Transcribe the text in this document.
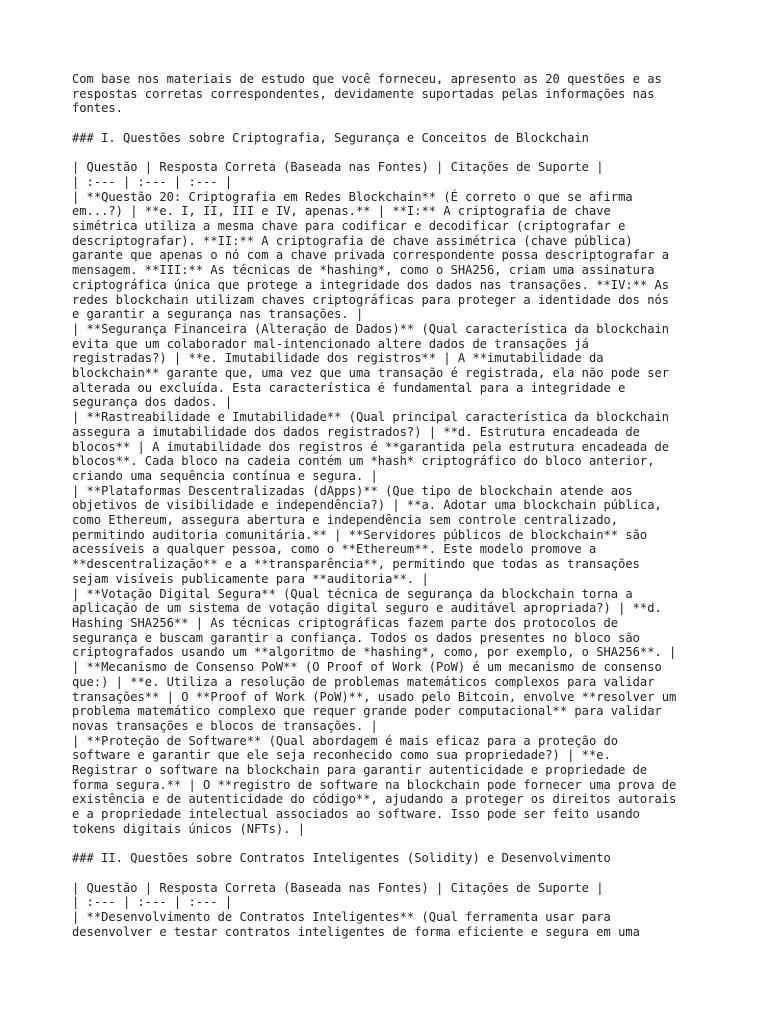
Com base nos materiais de estudo que você forneceu, apresento as 20 questões e as
respostas corretas correspondentes, devidamente suportadas pelas informações nas
fontes.
### I. Questões sobre Criptografia, Segurança e Conceitos de Blockchain
| Questão | Resposta Correta (Baseada nas Fontes) | Citações de Suporte |
| :--- | :--- | :--- |
| **Questão 20: Criptografia em Redes Blockchain** (É correto o que se afirma
em...?) | **e. I, II, III e IV, apenas.** | **I:** A criptografia de chave
simétrica utiliza a mesma chave para codificar e decodificar (criptografar e
descriptografar). **II:** A criptografia de chave assimétrica (chave pública)
garante que apenas o nó com a chave privada correspondente possa descriptografar a
mensagem. **III:** As técnicas de *hashing*, como o SHA256, criam uma assinatura
criptográfica única que protege a integridade dos dados nas transações. **IV:** As
redes blockchain utilizam chaves criptográficas para proteger a identidade dos nós
e garantir a segurança nas transações. |
| **Segurança Financeira (Alteração de Dados)** (Qual característica da blockchain
evita que um colaborador mal-intencionado altere dados de transações já
registradas?) | **e. Imutabilidade dos registros** | A **imutabilidade da
blockchain** garante que, uma vez que uma transação é registrada, ela não pode ser
alterada ou excluída. Esta característica é fundamental para a integridade e
segurança dos dados. |
| **Rastreabilidade e Imutabilidade** (Qual principal característica da blockchain
assegura a imutabilidade dos dados registrados?) | **d. Estrutura encadeada de
blocos** | A imutabilidade dos registros é **garantida pela estrutura encadeada de
blocos**. Cada bloco na cadeia contém um *hash* criptográfico do bloco anterior,
criando uma sequência contínua e segura. |
| **Plataformas Descentralizadas (dApps)** (Que tipo de blockchain atende aos
objetivos de visibilidade e independência?) | **a. Adotar uma blockchain pública,
como Ethereum, assegura abertura e independência sem controle centralizado,
permitindo auditoria comunitária.** | **Servidores públicos de blockchain** são
acessíveis a qualquer pessoa, como o **Ethereum**. Este modelo promove a
**descentralização** e a **transparência**, permitindo que todas as transações
sejam visíveis publicamente para **auditoria**. |
| **Votação Digital Segura** (Qual técnica de segurança da blockchain torna a
aplicação de um sistema de votação digital seguro e auditável apropriada?) | **d.
Hashing SHA256** | As técnicas criptográficas fazem parte dos protocolos de
segurança e buscam garantir a confiança. Todos os dados presentes no bloco são
criptografados usando um **algoritmo de *hashing*, como, por exemplo, o SHA256**. |
| **Mecanismo de Consenso PoW** (O Proof of Work (PoW) é um mecanismo de consenso
que:) | **e. Utiliza a resolução de problemas matemáticos complexos para validar
transações** | O **Proof of Work (PoW)**, usado pelo Bitcoin, envolve **resolver um
problema matemático complexo que requer grande poder computacional** para validar
novas transações e blocos de transações. |
| **Proteção de Software** (Qual abordagem é mais eficaz para a proteção do
software e garantir que ele seja reconhecido como sua propriedade?) | **e.
Registrar o software na blockchain para garantir autenticidade e propriedade de
forma segura.** | O **registro de software na blockchain pode fornecer uma prova de
existência e de autenticidade do código**, ajudando a proteger os direitos autorais
e a propriedade intelectual associados ao software. Isso pode ser feito usando
tokens digitais únicos (NFTs). |
### II. Questões sobre Contratos Inteligentes (Solidity) e Desenvolvimento
| Questão | Resposta Correta (Baseada nas Fontes) | Citações de Suporte |
| :--- | :--- | :--- |
| **Desenvolvimento de Contratos Inteligentes** (Qual ferramenta usar para
desenvolver e testar contratos inteligentes de forma eficiente e segura em uma
